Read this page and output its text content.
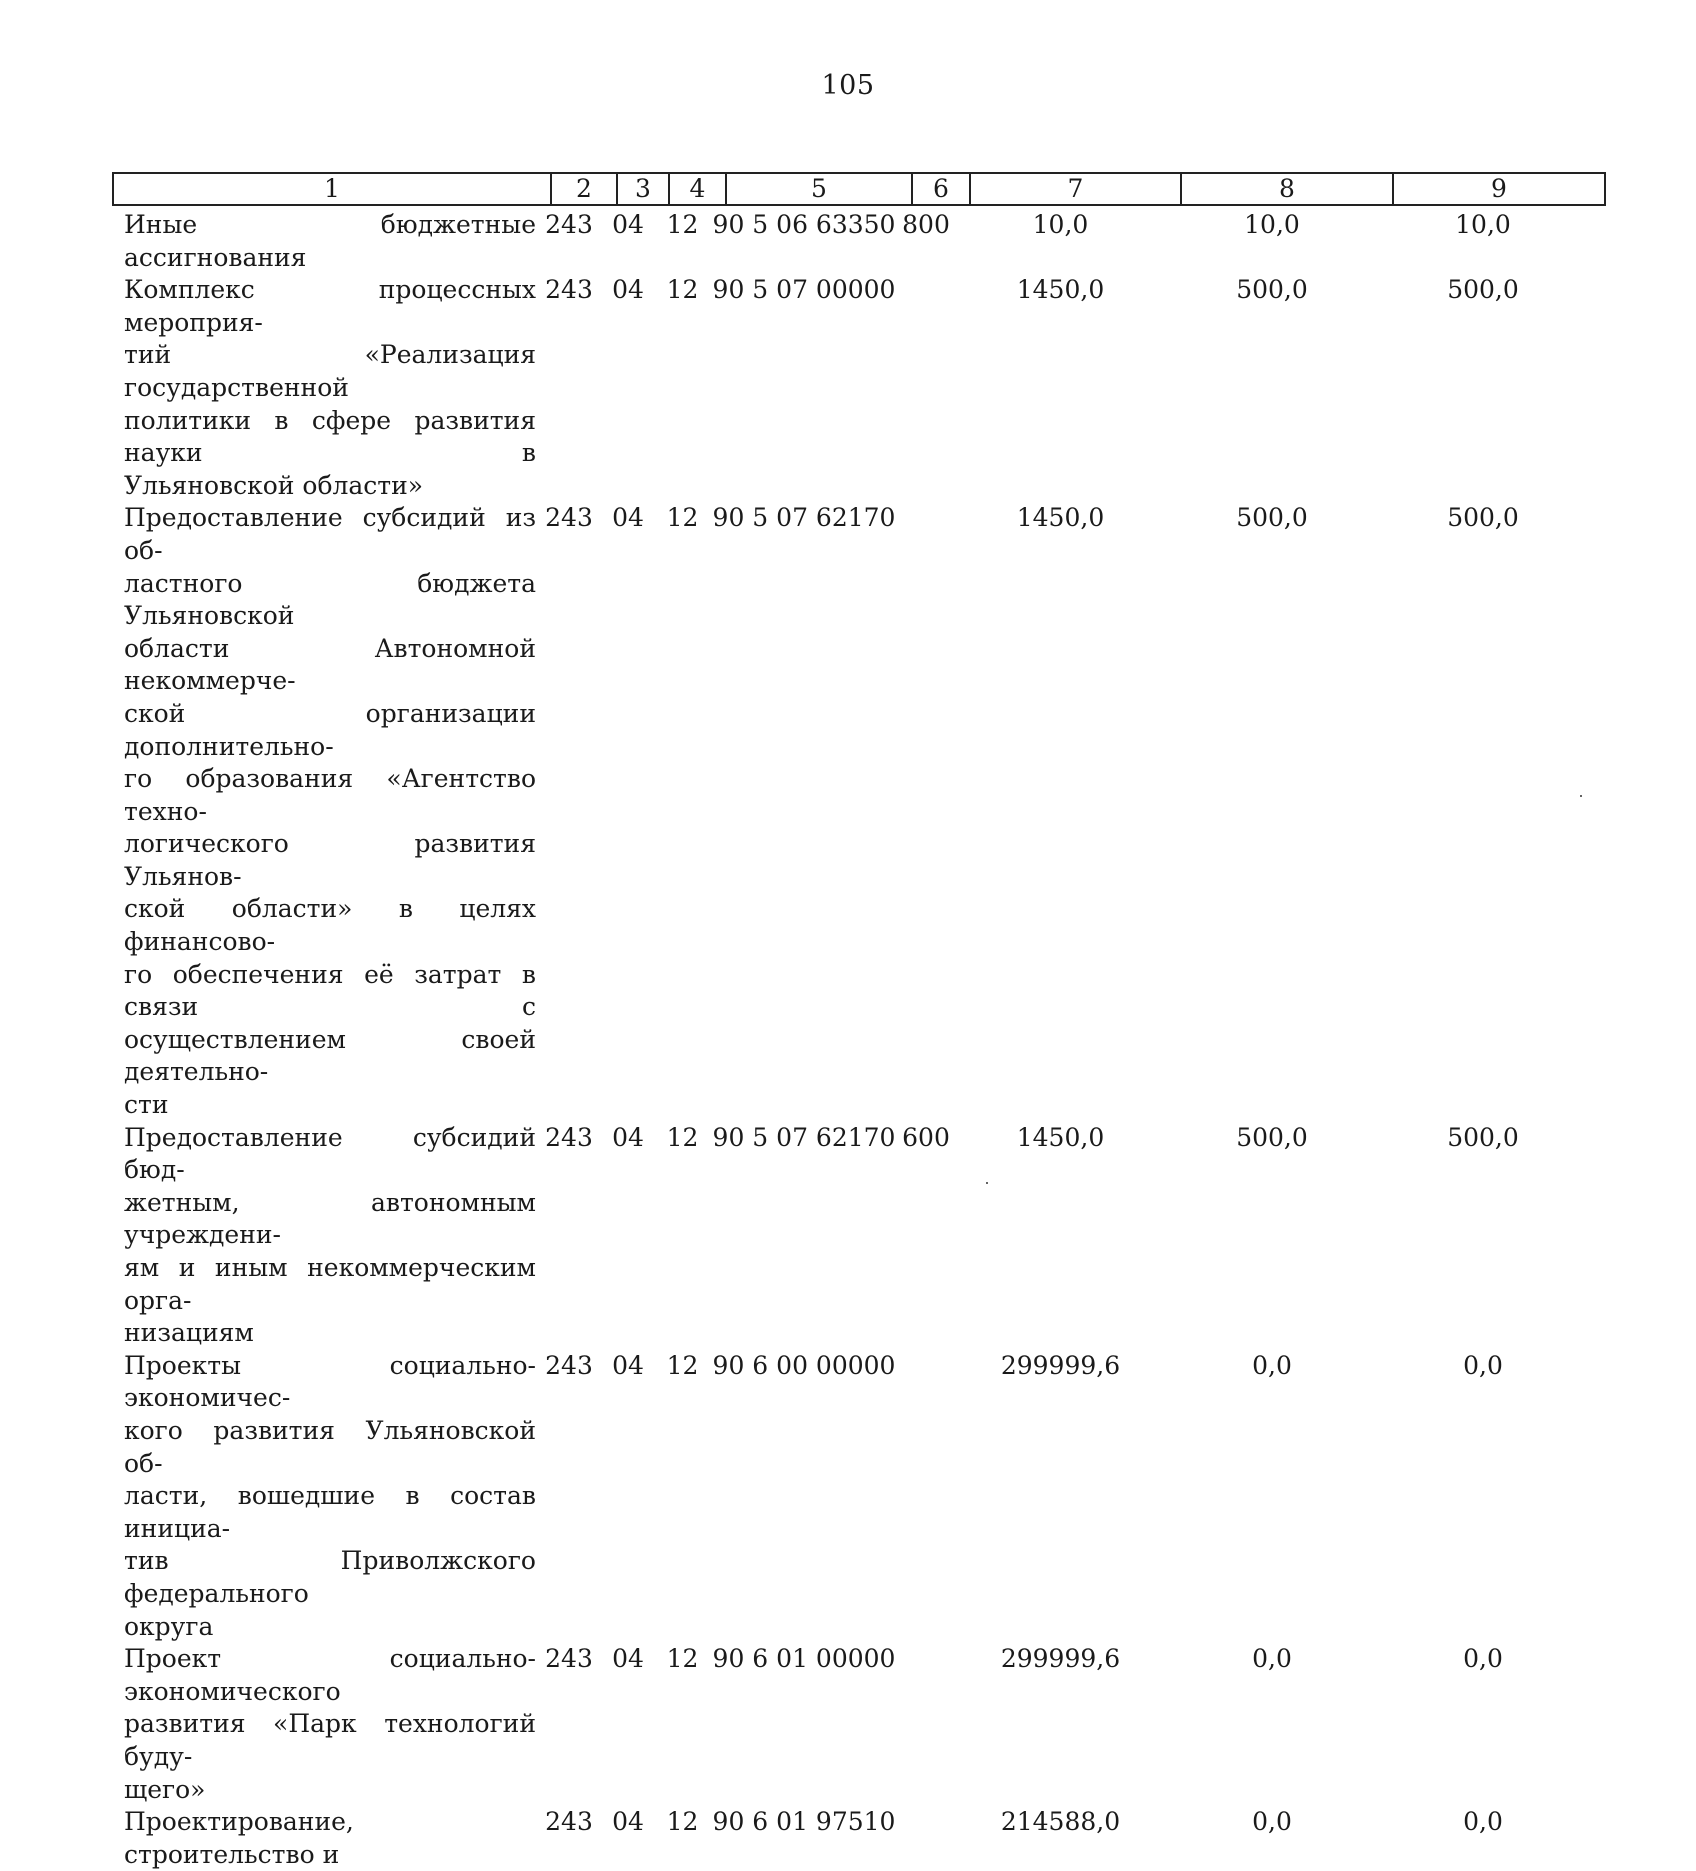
105
1	2	3	4	5	6	7	8	9
Иные бюджетные ассигнования
243 04 12 90 5 06 63350 800	10,0	10,0	10,0
Комплекс процессных мероприя-
тий «Реализация государственной
политики в сфере развития науки в
Ульяновской области»
243 04 12 90 5 07 00000	1450,0	500,0	500,0
Предоставление субсидий из об-
ластного бюджета Ульяновской
области Автономной некоммерче-
ской организации дополнительно-
го образования «Агентство техно-
логического развития Ульянов-
ской области» в целях финансово-
го обеспечения её затрат в связи с
осуществлением своей деятельно-
сти
243 04 12 90 5 07 62170	1450,0	500,0	500,0
Предоставление субсидий бюд-
жетным, автономным учреждени-
ям и иным некоммерческим орга-
низациям
243 04 12 90 5 07 62170 600	1450,0	500,0	500,0
Проекты социально-экономичес-
кого развития Ульяновской об-
ласти, вошедшие в состав инициа-
тив Приволжского федерального
округа
243 04 12 90 6 00 00000	299999,6	0,0	0,0
Проект социально-экономического
развития «Парк технологий буду-
щего»
243 04 12 90 6 01 00000	299999,6	0,0	0,0
Проектирование, строительство и
243 04 12 90 6 01 97510	214588,0	0,0	0,0
